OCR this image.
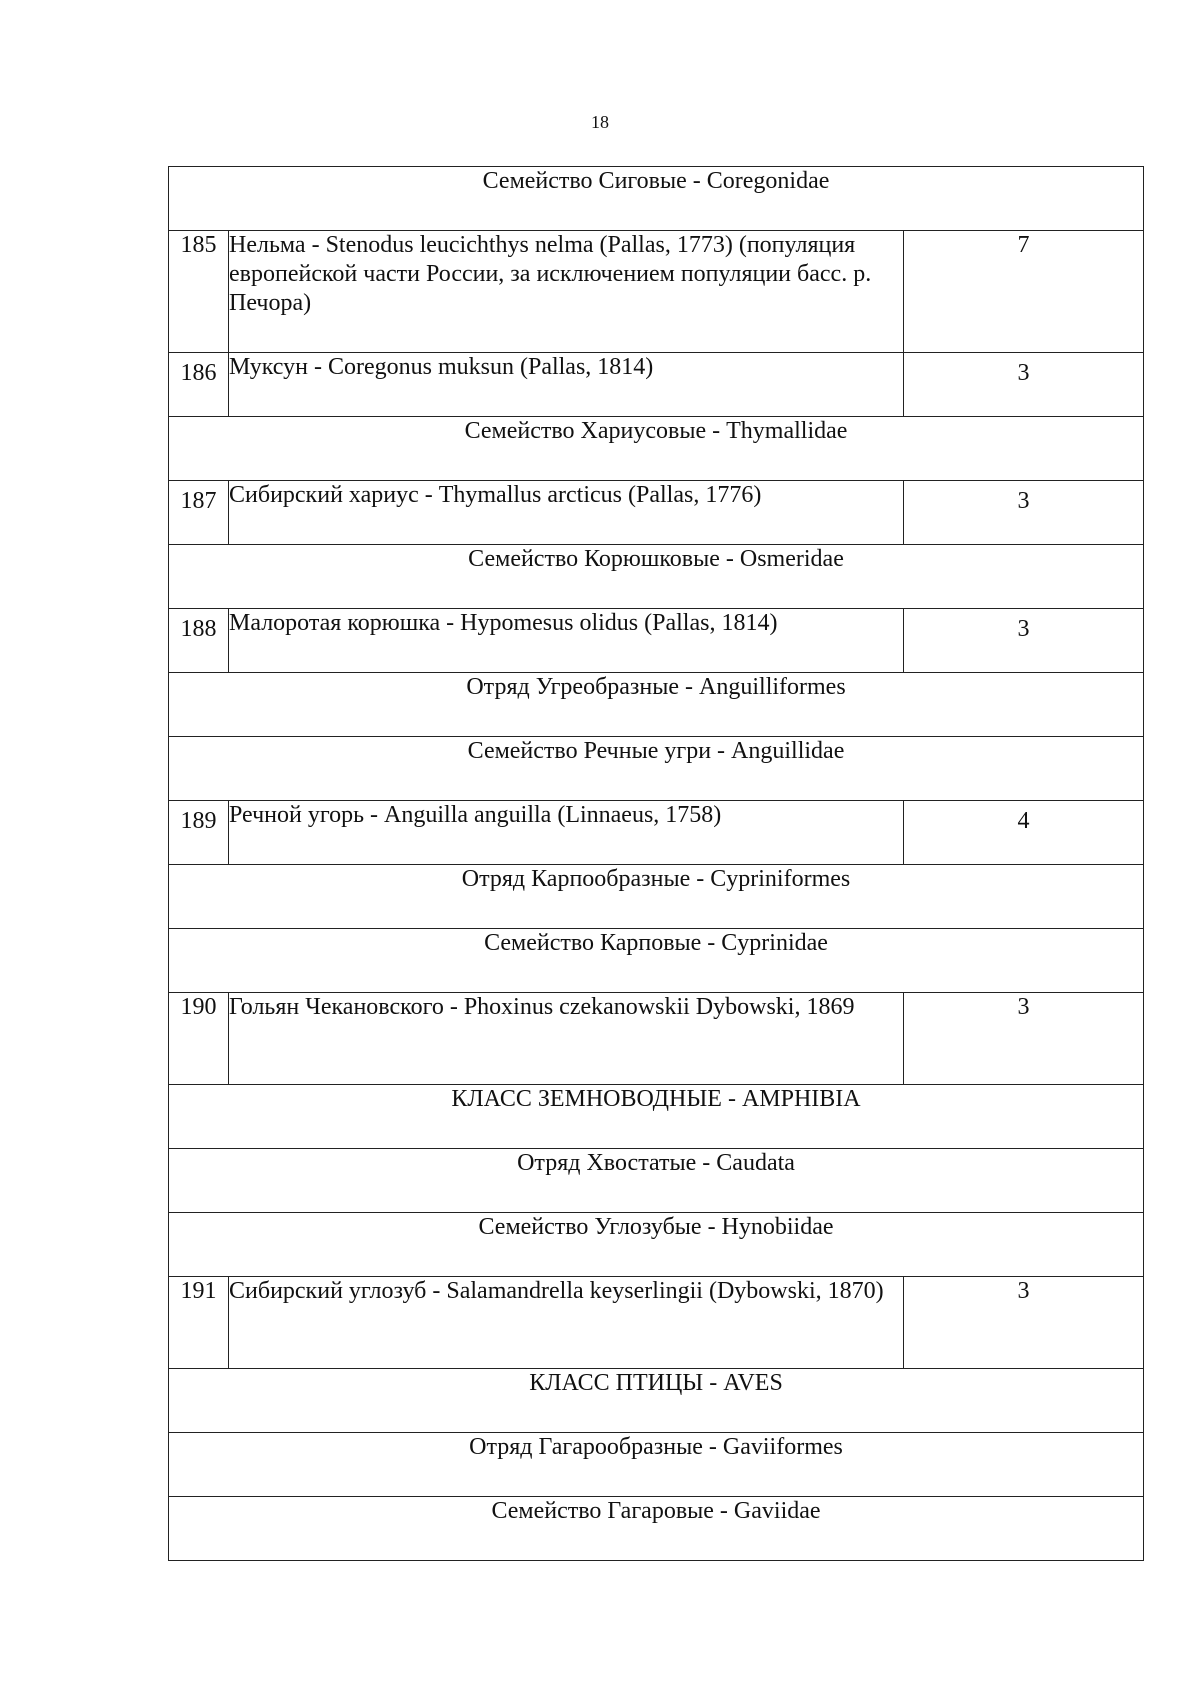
18
Семейство Сиговые - Coregonidae		
185	Нельма - Stenodus leucichthys nelma (Pallas, 1773) (популяция европейской части России, за исключением популяции басс. р. Печора)	7
186	Муксун - Coregonus muksun (Pallas, 1814)	3
Семейство Хариусовые - Thymallidae		
187	Сибирский хариус - Thymallus arcticus (Pallas, 1776)	3
Семейство Корюшковые - Osmeridae		
188	Малоротая корюшка - Hypomesus olidus (Pallas, 1814)	3
Отряд Угреобразные - Anguilliformes		
Семейство Речные угри - Anguillidae		
189	Речной угорь - Anguilla anguilla (Linnaeus, 1758)	4
Отряд Карпообразные - Cypriniformes		
Семейство Карповые - Cyprinidae		
190	Гольян Чекановского - Phoxinus czekanowskii Dybowski, 1869	3
КЛАСС ЗЕМНОВОДНЫЕ - AMPHIBIA		
Отряд Хвостатые - Caudata		
Семейство Углозубые - Hynobiidae		
191	Сибирский углозуб - Salamandrella keyserlingii (Dybowski, 1870)	3
КЛАСС ПТИЦЫ - AVES		
Отряд Гагарообразные - Gaviiformes		
Семейство Гагаровые - Gaviidae		
